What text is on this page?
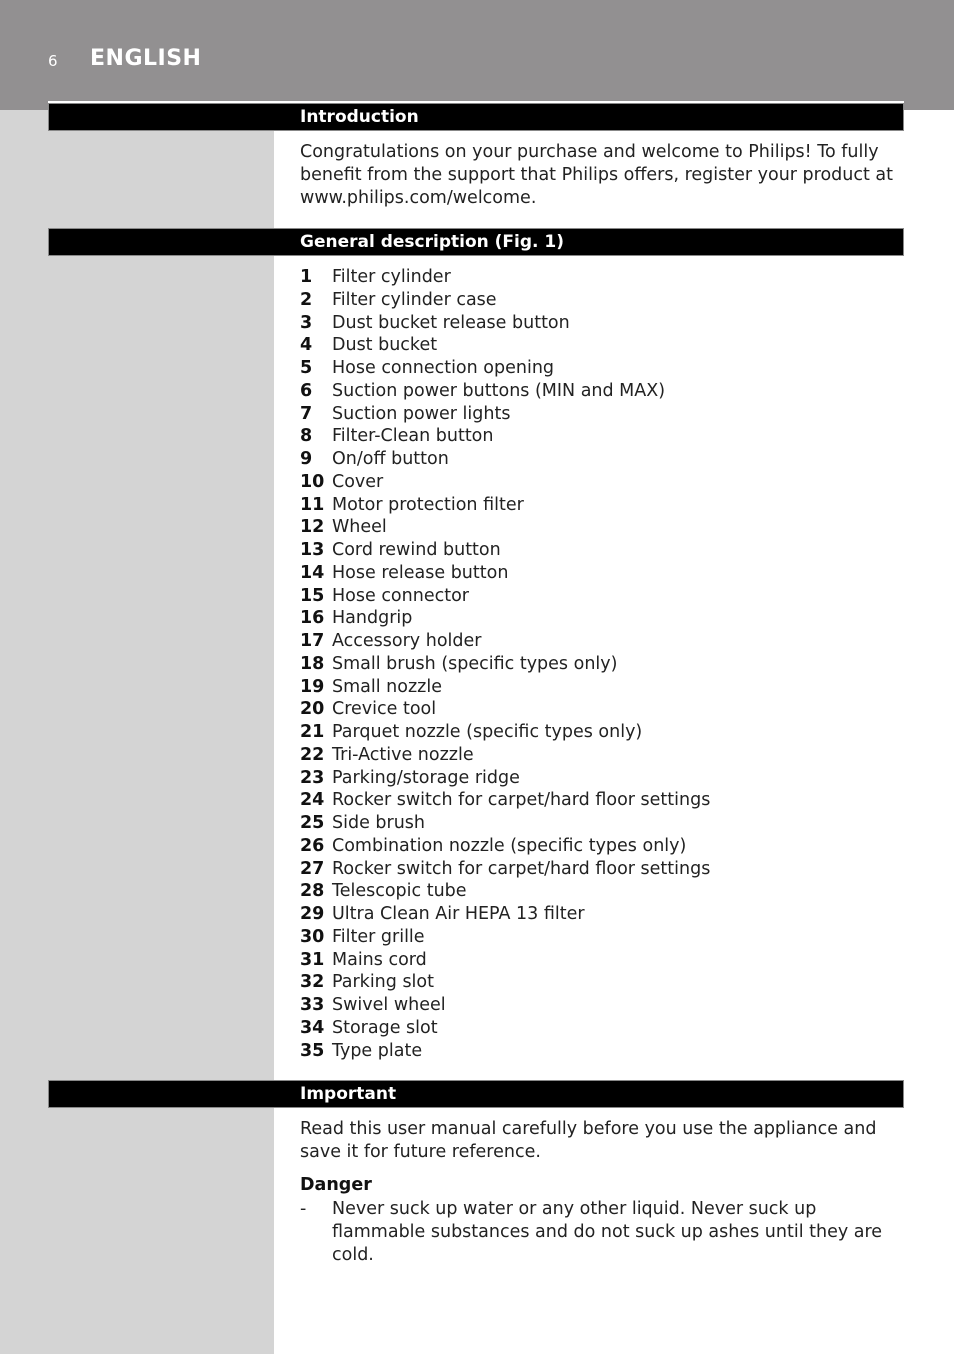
6 ENGLISH
Introduction
Congratulations on your purchase and welcome to Philips! To fully benefit from the support that Philips offers, register your product at www.philips.com/welcome.
General description (Fig. 1)
1	Filter cylinder
2	Filter cylinder case
3	Dust bucket release button
4	Dust bucket
5	Hose connection opening
6	Suction power buttons (MIN and MAX)
7	Suction power lights
8	Filter-Clean button
9	On/off button
10 Cover
11 Motor protection filter
12 Wheel
13 Cord rewind button
14 Hose release button
15 Hose connector
16 Handgrip
17 Accessory holder
18 Small brush (specific types only)
19 Small nozzle
20 Crevice tool
21 Parquet nozzle (specific types only)
22 Tri-Active nozzle
23 Parking/storage ridge
24 Rocker switch for carpet/hard floor settings
25 Side brush
26 Combination nozzle (specific types only)
27 Rocker switch for carpet/hard floor settings
28 Telescopic tube
29 Ultra Clean Air HEPA 13 filter
30 Filter grille
31 Mains cord
32 Parking slot
33 Swivel wheel
34 Storage slot
35 Type plate
Important
Read this user manual carefully before you use the appliance and save it for future reference.
Danger
-	Never suck up water or any other liquid. Never suck up flammable substances and do not suck up ashes until they are cold.
